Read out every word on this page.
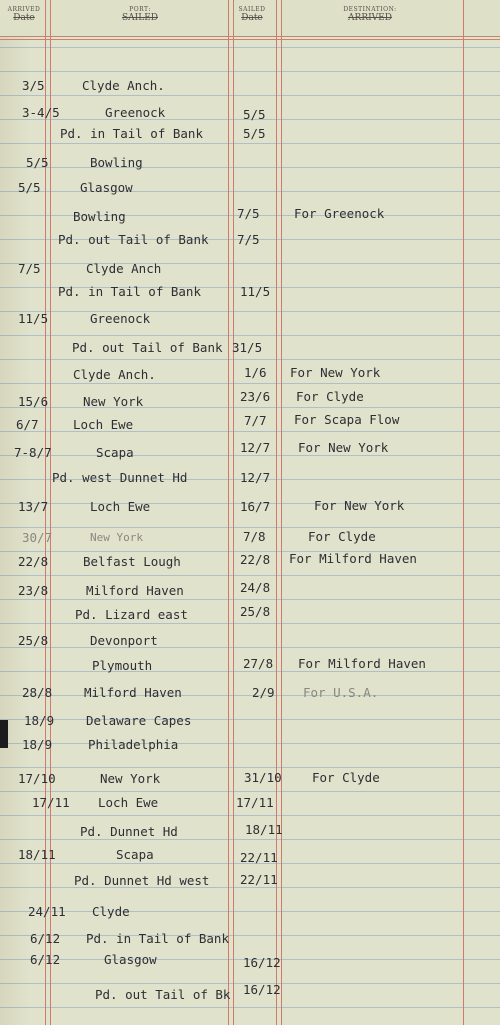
ARRIVED
Date
PORT:
SAILED
SAILED
Date
DESTINATION:
ARRIVED
3/5	Clyde Anch.
3-4/5	Greenock	5/5
Pd. in Tail of Bank	5/5
5/5	Bowling
5/5	Glasgow
Bowling	7/5	For Greenock
Pd. out Tail of Bank 7/5
7/5	Clyde Anch
Pd. in Tail of Bank	11/5
11/5	Greenock
Pd. out Tail of Bank 31/5
Clyde Anch.	1/6 For New York
15/6	New York	23/6 For Clyde
6/7	Loch Ewe	7/7 For Scapa Flow
7-8/7	Scapa	12/7 For New York
Pd. west Dunnet Hd	12/7
13/7	Loch Ewe	16/7	For New York
30/7	New York	7/8	For Clyde
22/8	Belfast Lough	22/8 For Milford Haven
23/8	Milford Haven	24/8
Pd. Lizard east	25/8
25/8	Devonport
Plymouth	27/8 For Milford Haven
28/8	Milford Haven	2/9 For U.S.A.
18/9	Delaware Capes
18/9	Philadelphia
17/10	New York	31/10 For Clyde
17/11 Loch Ewe	17/11
Pd. Dunnet Hd	18/11
18/11	Scapa	22/11
Pd. Dunnet Hd west 22/11
24/11 Clyde
6/12 Pd. in Tail of Bank
6/12	Glasgow	16/12
Pd. out Tail of Bk 16/12
